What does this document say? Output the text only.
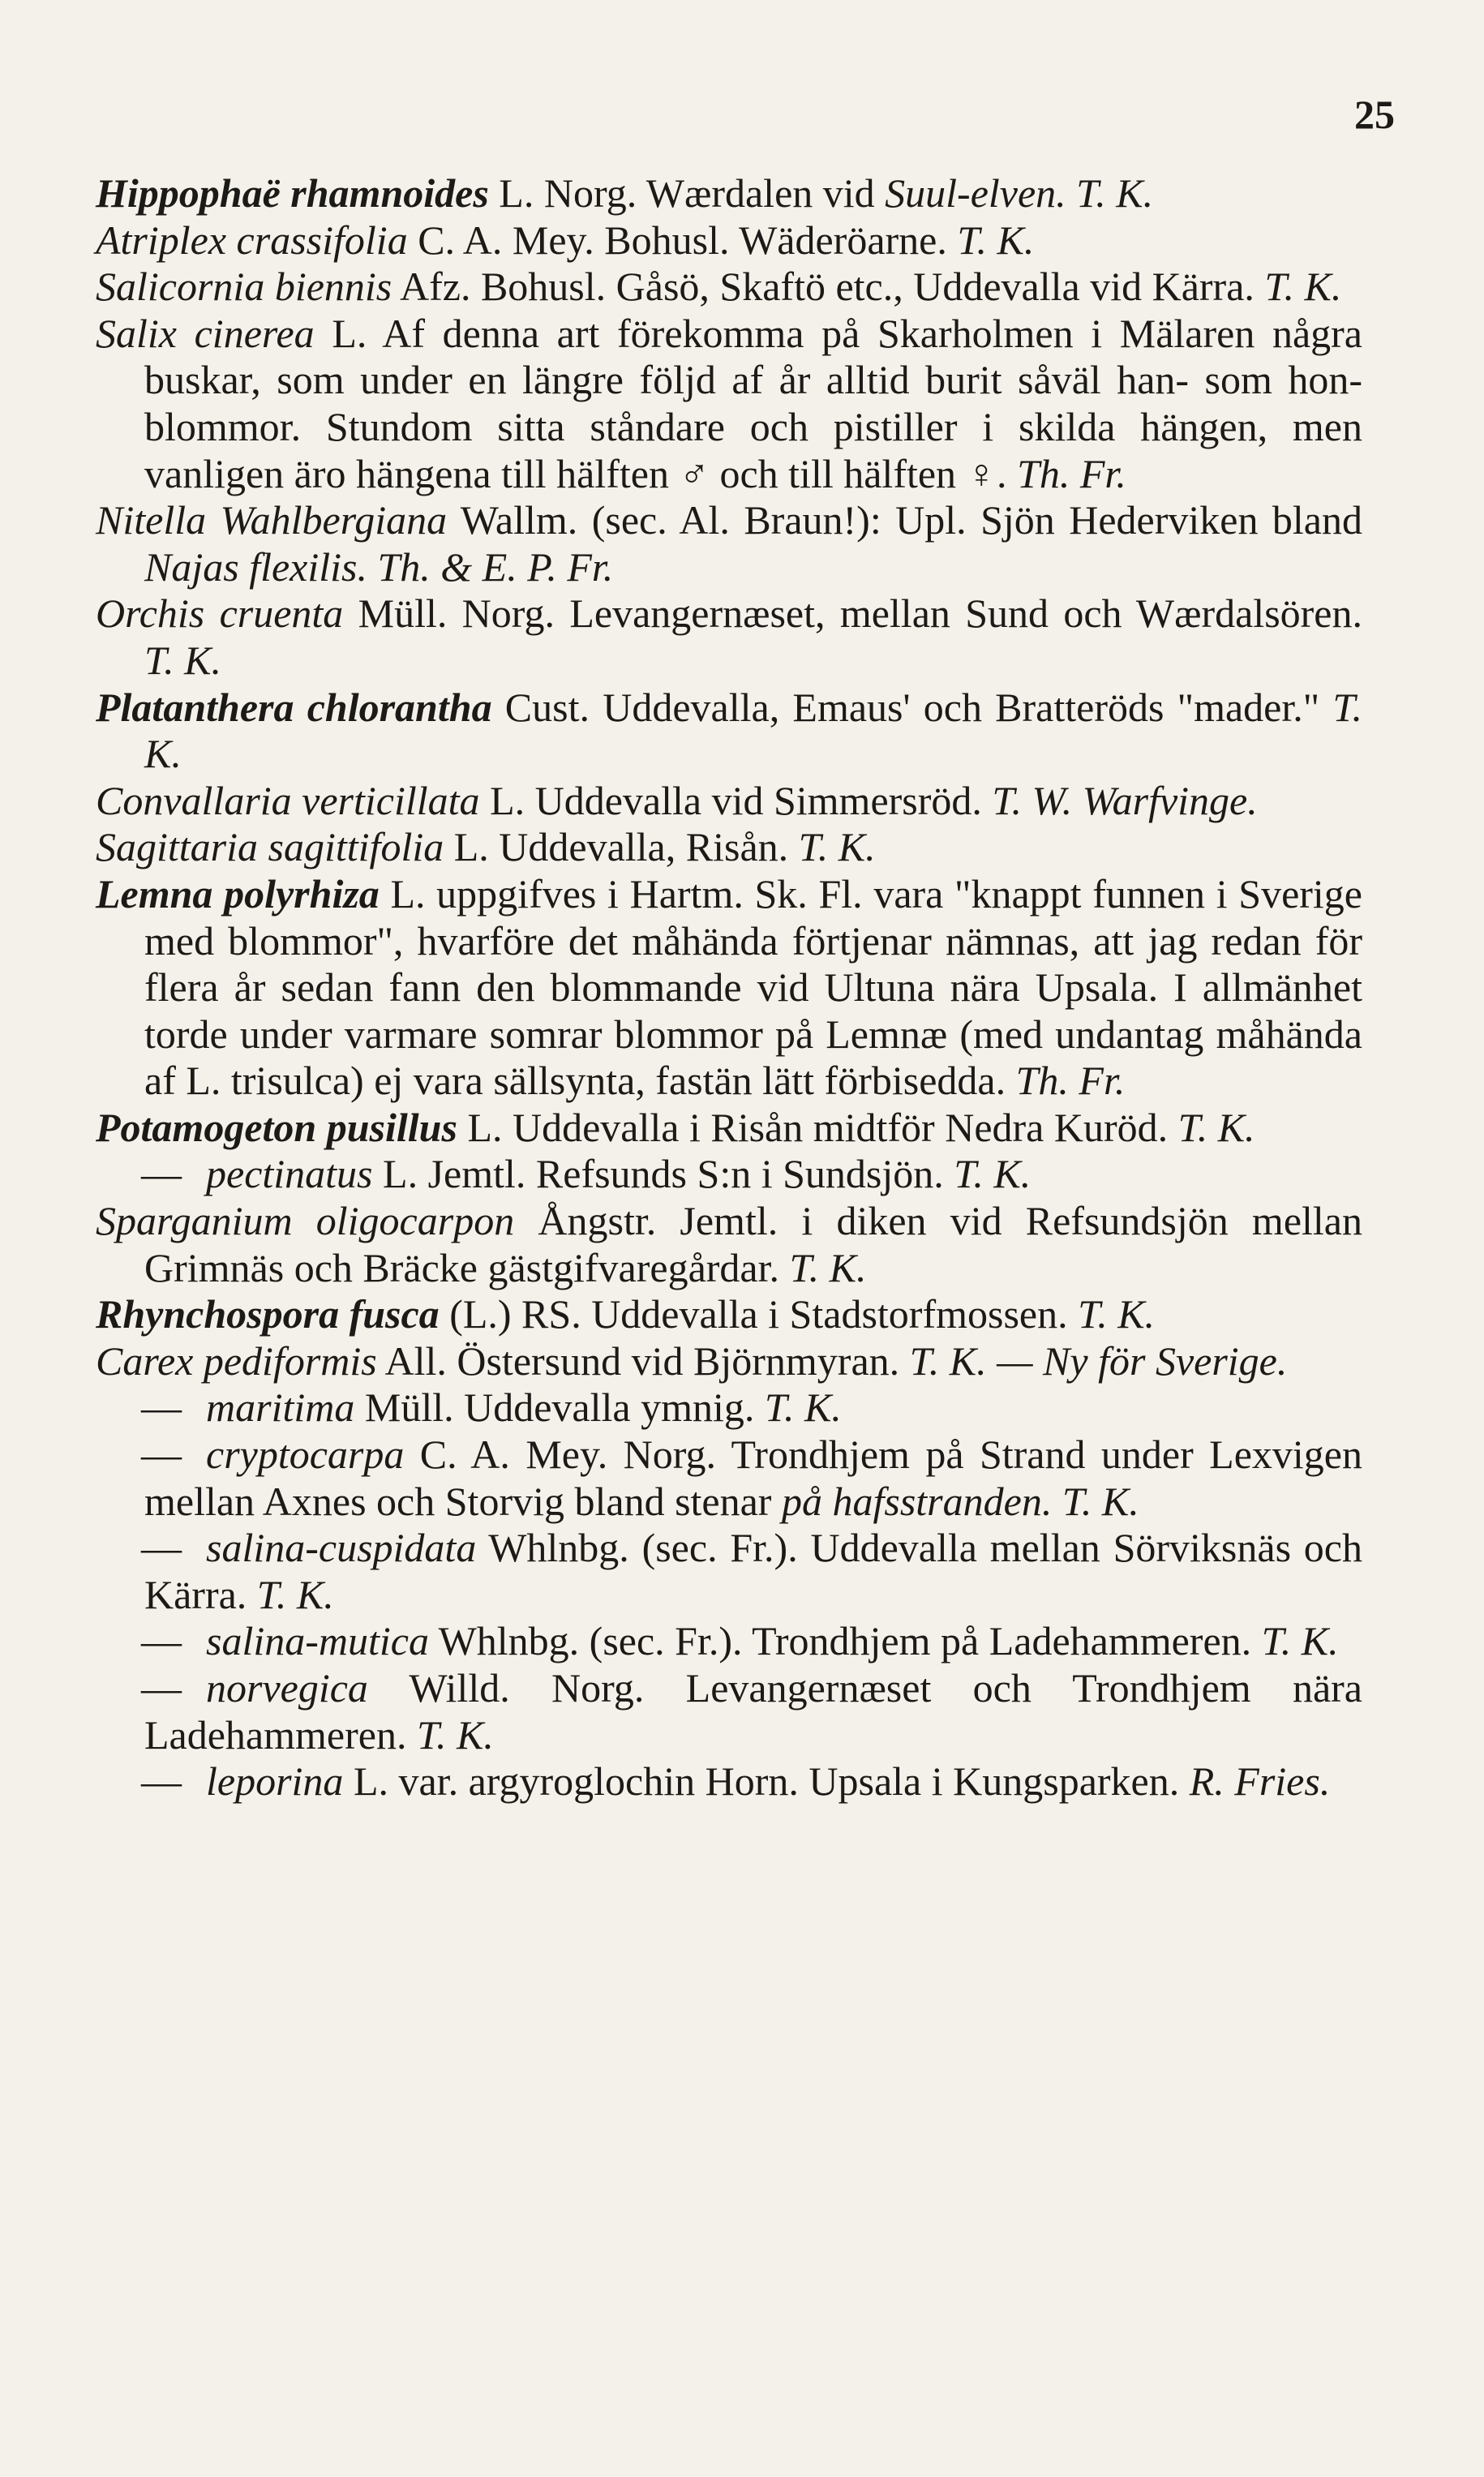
25
Hippophaë rhamnoides L. Norg. Wærdalen vid Suul-elven. T. K.
Atriplex crassifolia C. A. Mey. Bohusl. Wäderöarne. T. K.
Salicornia biennis Afz. Bohusl. Gåsö, Skaftö etc., Uddevalla vid Kärra. T. K.
Salix cinerea L. Af denna art förekomma på Skarholmen i Mälaren några buskar, som under en längre följd af år alltid burit såväl han- som hon-blommor. Stundom sitta ståndare och pistiller i skilda hängen, men vanligen äro hängena till hälften ♂ och till hälften ♀. Th. Fr.
Nitella Wahlbergiana Wallm. (sec. Al. Braun!): Upl. Sjön Hederviken bland Najas flexilis. Th. & E. P. Fr.
Orchis cruenta Müll. Norg. Levangernæset, mellan Sund och Wærdalsören. T. K.
Platanthera chlorantha Cust. Uddevalla, Emaus' och Bratteröds "mader." T. K.
Convallaria verticillata L. Uddevalla vid Simmersröd. T. W. Warfvinge.
Sagittaria sagittifolia L. Uddevalla, Risån. T. K.
Lemna polyrhiza L. uppgifves i Hartm. Sk. Fl. vara "knappt funnen i Sverige med blommor", hvarföre det måhända förtjenar nämnas, att jag redan för flera år sedan fann den blommande vid Ultuna nära Upsala. I allmänhet torde under varmare somrar blommor på Lemnæ (med undantag måhända af L. trisulca) ej vara sällsynta, fastän lätt förbisedda. Th. Fr.
Potamogeton pusillus L. Uddevalla i Risån midtför Nedra Kuröd. T. K.
— pectinatus L. Jemtl. Refsunds S:n i Sundsjön. T. K.
Sparganium oligocarpon Ångstr. Jemtl. i diken vid Refsundsjön mellan Grimnäs och Bräcke gästgifvaregårdar. T. K.
Rhynchospora fusca (L.) RS. Uddevalla i Stadstorfmossen. T. K.
Carex pediformis All. Östersund vid Björnmyran. T. K. — Ny för Sverige.
— maritima Müll. Uddevalla ymnig. T. K.
— cryptocarpa C. A. Mey. Norg. Trondhjem på Strand under Lexvigen mellan Axnes och Storvig bland stenar på hafsstranden. T. K.
— salina-cuspidata Whlnbg. (sec. Fr.). Uddevalla mellan Sörviksnäs och Kärra. T. K.
— salina-mutica Whlnbg. (sec. Fr.). Trondhjem på Ladehammeren. T. K.
— norvegica Willd. Norg. Levangernæset och Trondhjem nära Ladehammeren. T. K.
— leporina L. var. argyroglochin Horn. Upsala i Kungsparken. R. Fries.
